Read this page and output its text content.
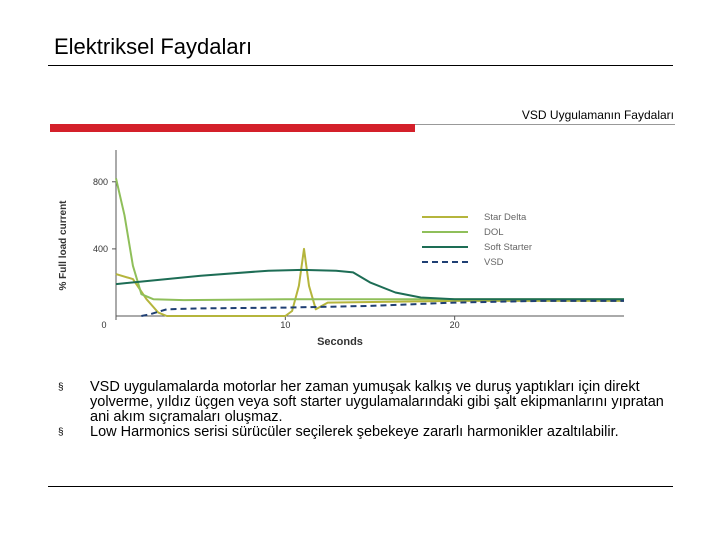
Elektriksel Faydaları
VSD Uygulamanın Faydaları
400
800
0	10	20
Seconds
% Full load current	Star Delta
DOL
Soft Starter
VSD

§ VSD uygulamalarda motorlar her zaman yumuşak kalkış ve duruş yaptıkları için direkt yolverme, yıldız üçgen veya soft starter uygulamalarındaki gibi şalt ekipmanlarını yıpratan ani akım sıçramaları oluşmaz.

§ Low Harmonics serisi sürücüler seçilerek şebekeye zararlı harmonikler azaltılabilir.
